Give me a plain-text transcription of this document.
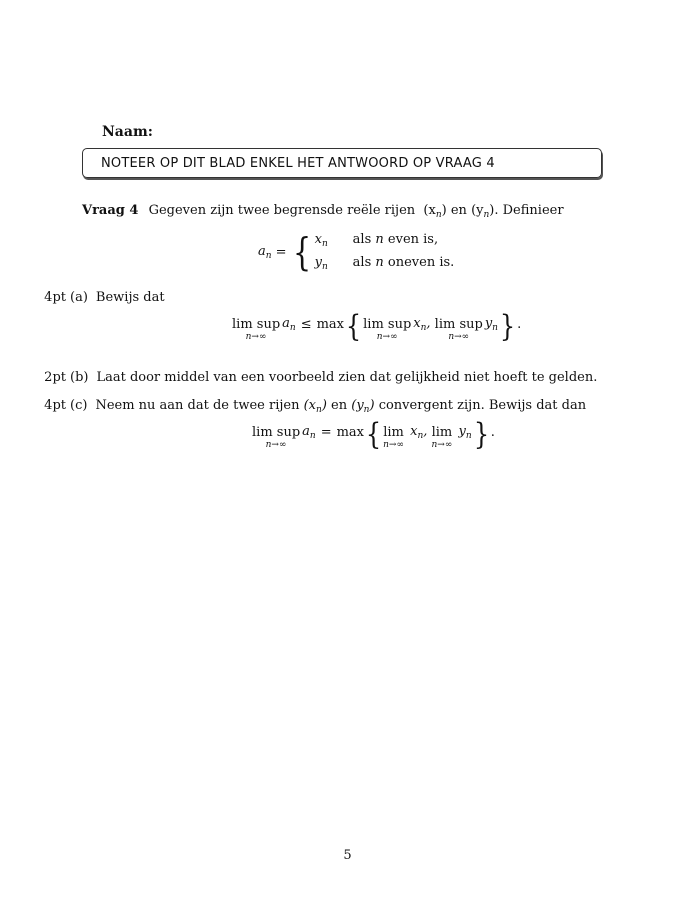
Naam:
NOTEER OP DIT BLAD ENKEL HET ANTWOORD OP VRAAG 4
Vraag 4 Gegeven zijn twee begrensde reële rijen $(x_n)$ en $(y_n)$. Definieer
$a_n$ = { $x_n$	als n even is,
$y_n$	als n oneven is.
4pt (a) Bewijs dat
lim sup
n→∞
$a_n \le \max$ { lim sup
n→∞
$x_n$, lim sup
n→∞
$y_n$ } .
2pt (b) Laat door middel van een voorbeeld zien dat gelijkheid niet hoeft te gelden.
4pt (c) Neem nu aan dat de twee rijen $(x_n)$ en $(y_n)$ convergent zijn. Bewijs dat dan
lim sup
n→∞
$a_n = \max$ { lim
n→∞
$x_n$, lim
n→∞
$y_n$ } .
5
